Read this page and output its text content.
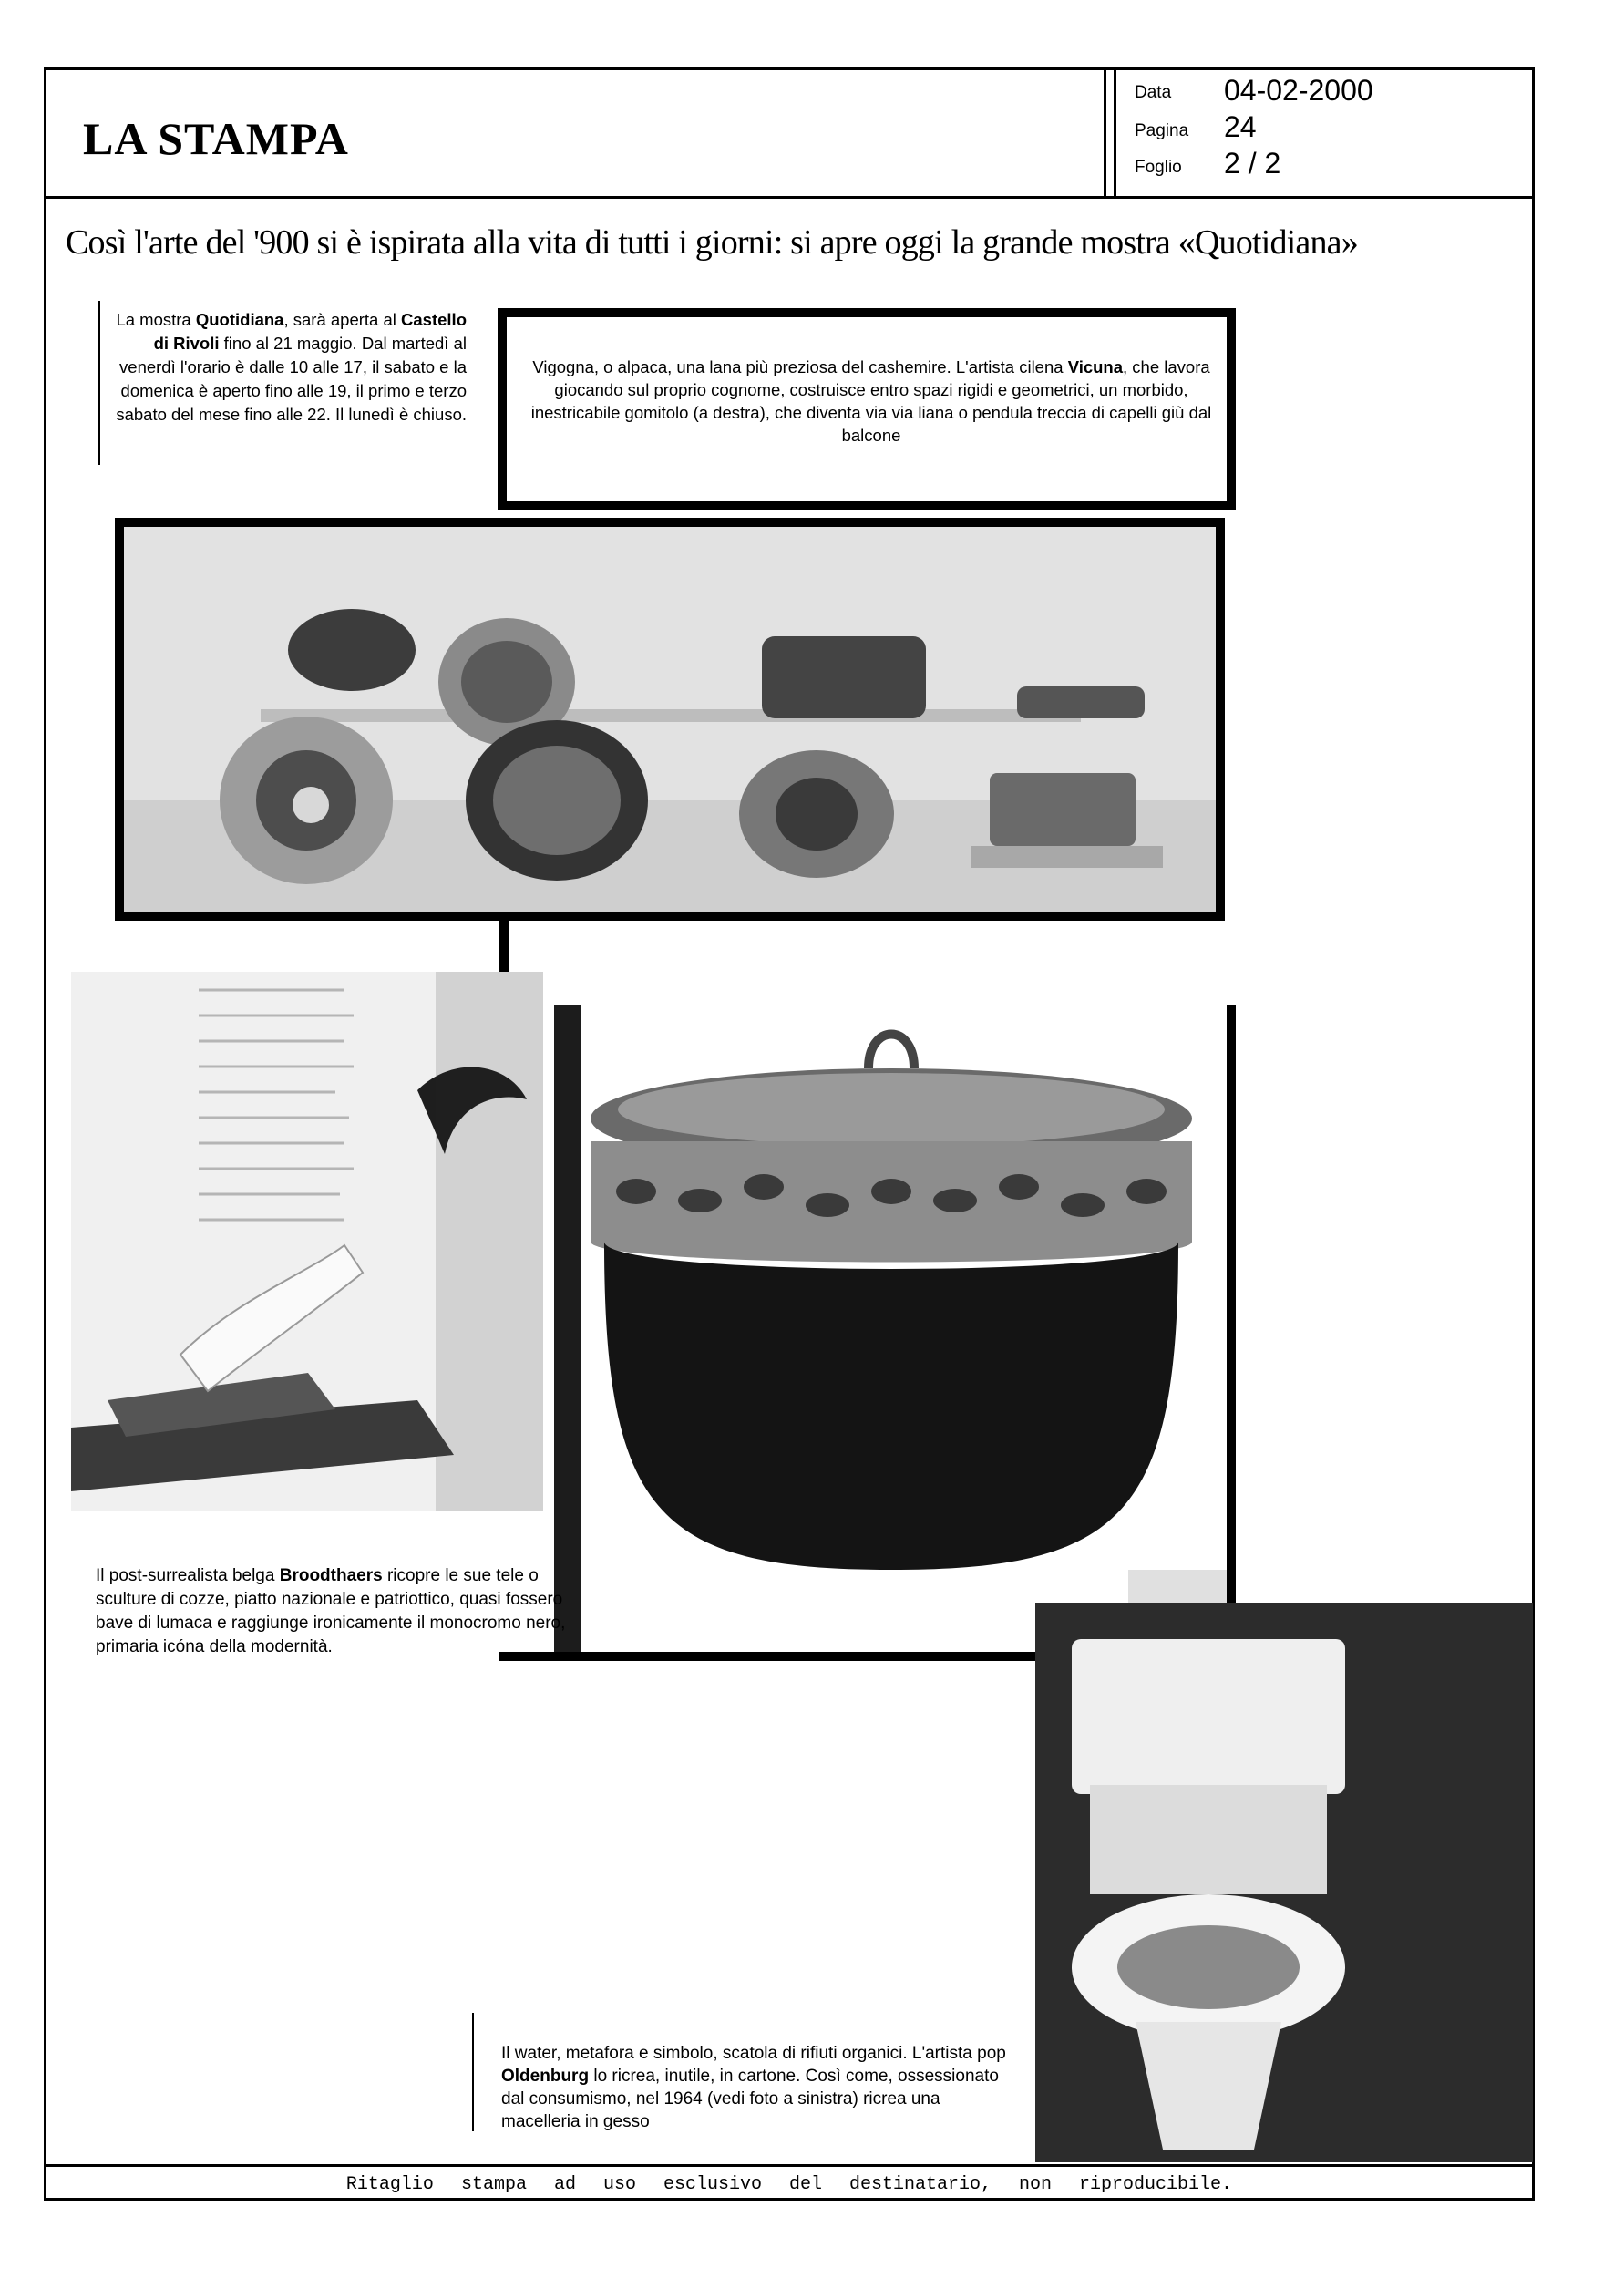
LA STAMPA
Data 04-02-2000
Pagina 24
Foglio 2 / 2
Così l'arte del '900 si è ispirata alla vita di tutti i giorni: si apre oggi la grande mostra «Quotidiana»
La mostra Quotidiana, sarà aperta al Castello di Rivoli fino al 21 maggio. Dal martedì al venerdì l'orario è dalle 10 alle 17, il sabato e la domenica è aperto fino alle 19, il primo e terzo sabato del mese fino alle 22. Il lunedì è chiuso.
Vigogna, o alpaca, una lana più preziosa del cashemire. L'artista cilena Vicuna, che lavora giocando sul proprio cognome, costruisce entro spazi rigidi e geometrici, un morbido, inestricabile gomitolo (a destra), che diventa via via liana o pendula treccia di capelli giù dal balcone
Il post-surrealista belga Broodthaers ricopre le sue tele o sculture di cozze, piatto nazionale e patriottico, quasi fossero bave di lumaca e raggiunge ironicamente il monocromo nero, primaria icóna della modernità.
Il water, metafora e simbolo, scatola di rifiuti organici. L'artista pop Oldenburg lo ricrea, inutile, in cartone. Così come, ossessionato dal consumismo, nel 1964 (vedi foto a sinistra) ricrea una macelleria in gesso
Ritaglio stampa ad uso esclusivo del destinatario, non riproducibile.
